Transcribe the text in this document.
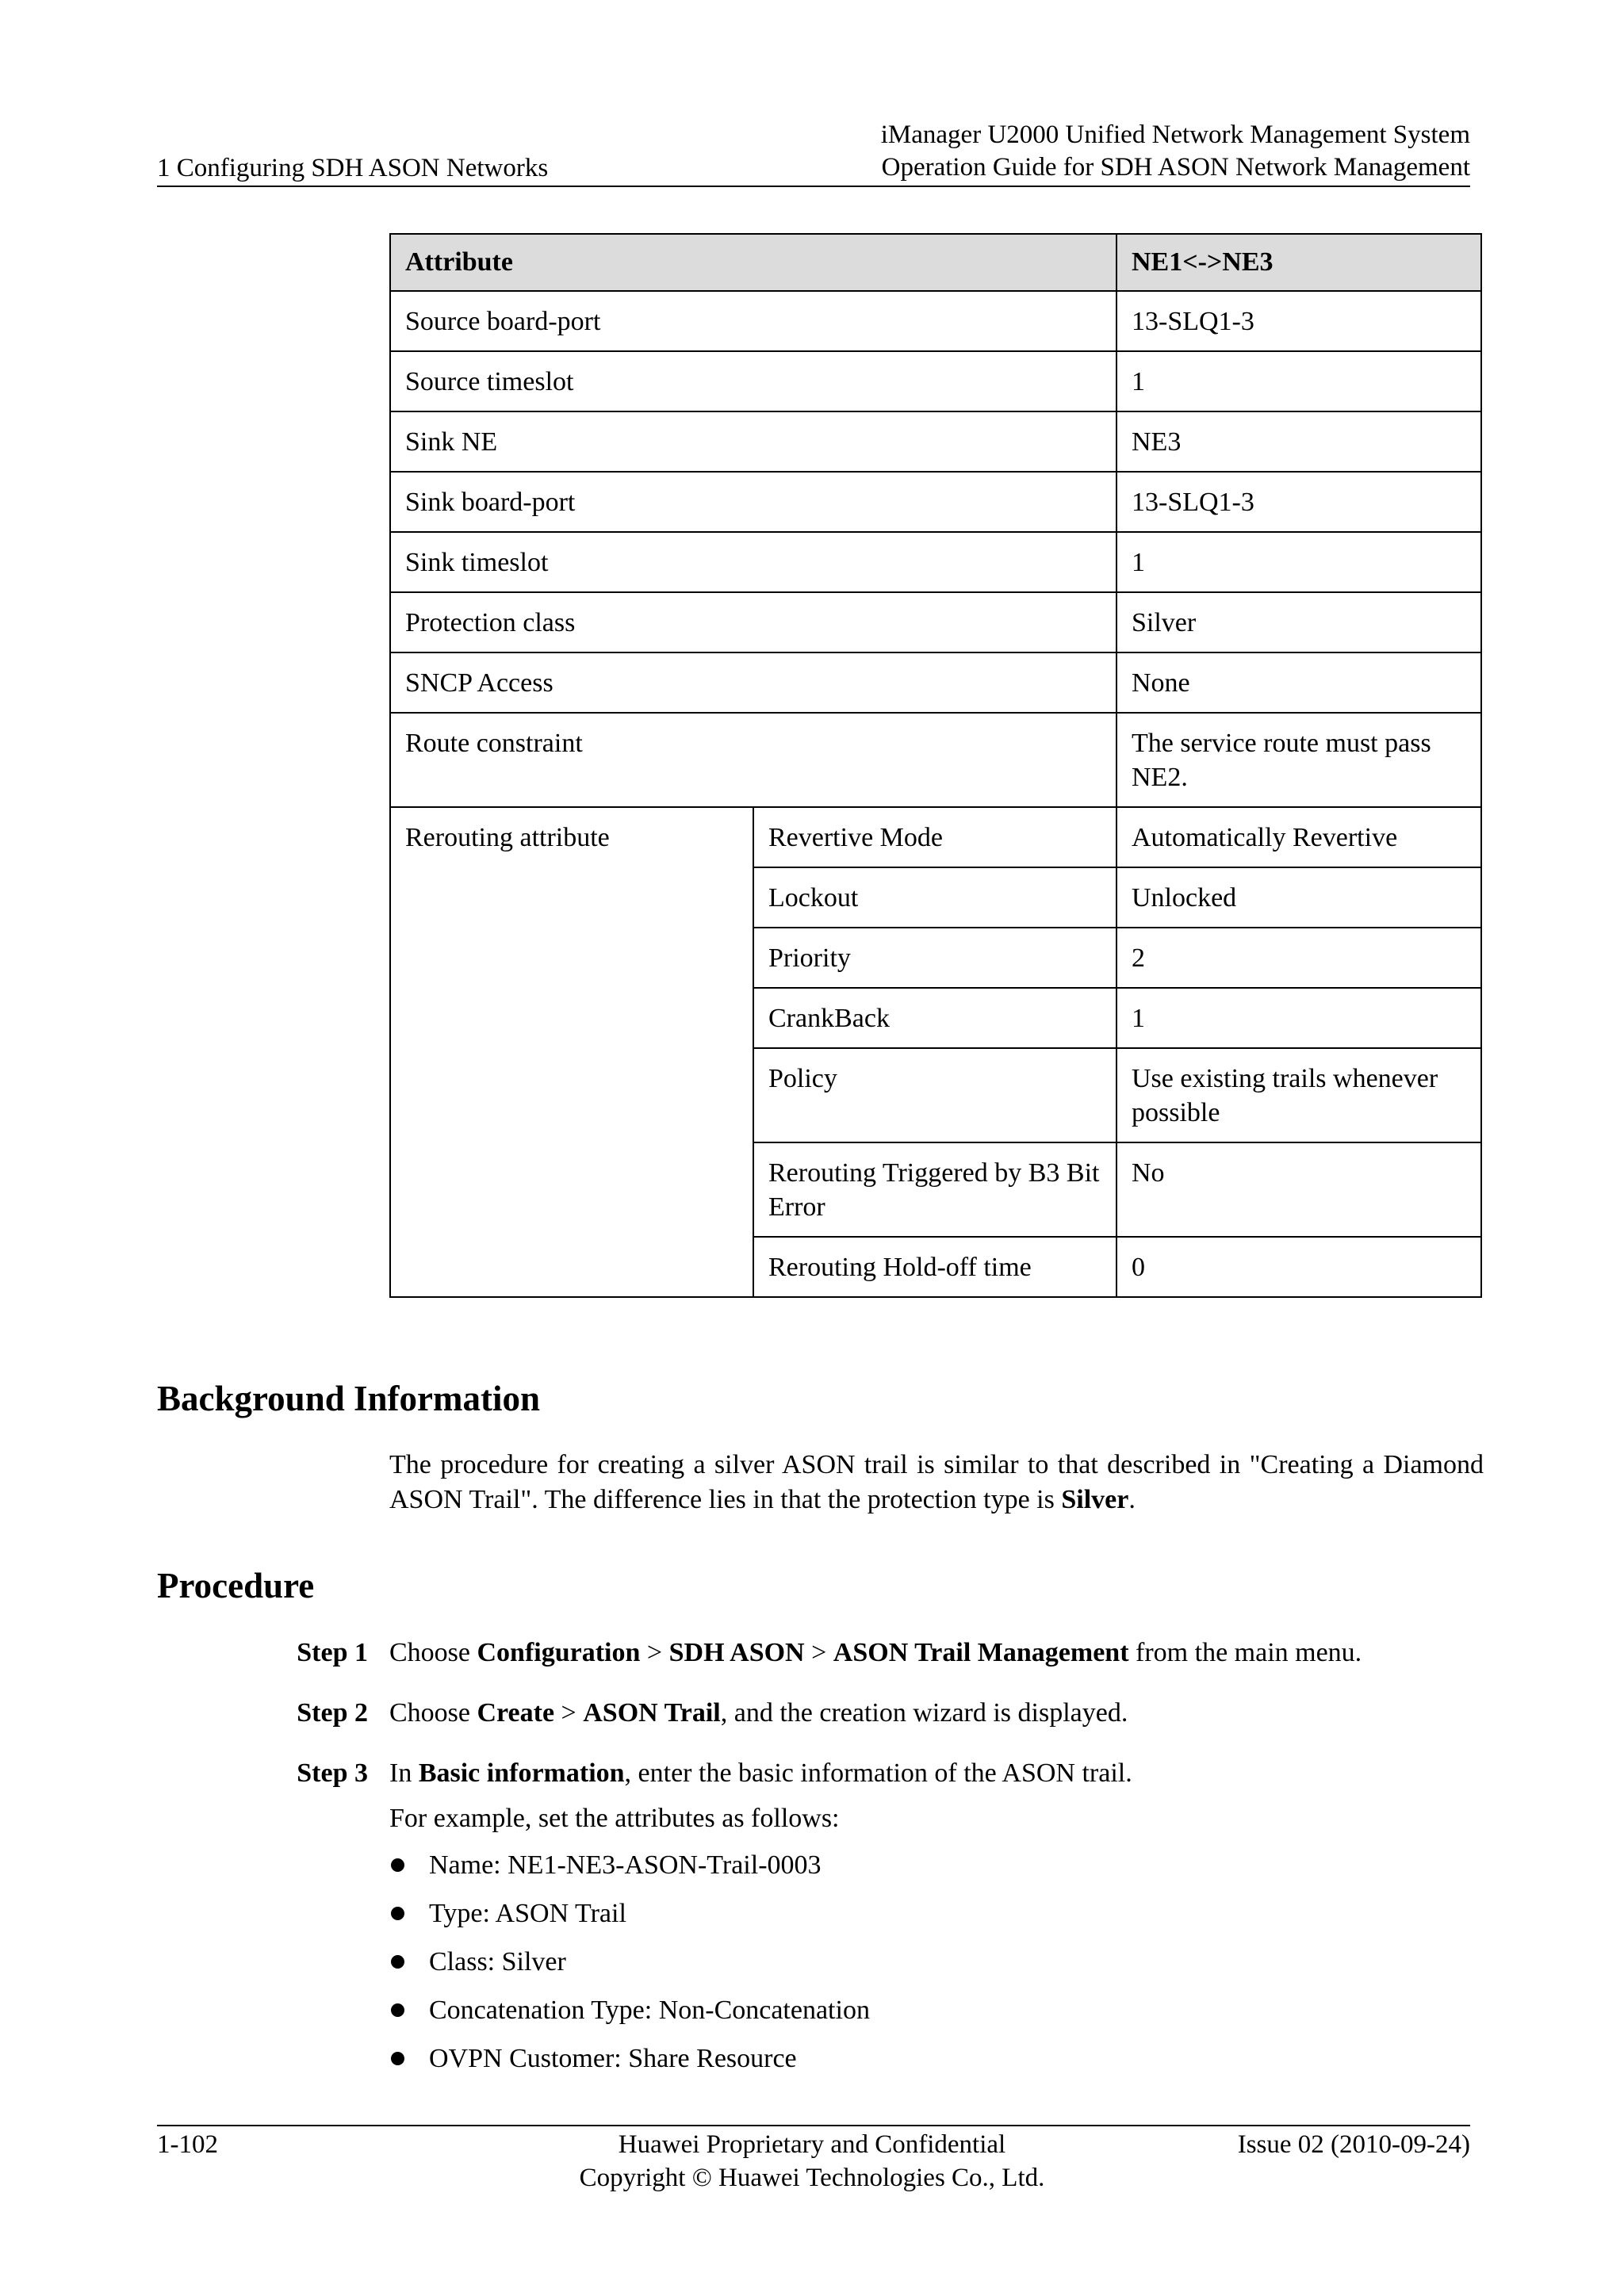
1 Configuring SDH ASON Networks
iManager U2000 Unified Network Management System
Operation Guide for SDH ASON Network Management
Attribute		NE1<->NE3
Source board-port		13-SLQ1-3
Source timeslot		1
Sink NE		NE3
Sink board-port		13-SLQ1-3
Sink timeslot		1
Protection class		Silver
SNCP Access		None
Route constraint		The service route must pass NE2.
Rerouting attribute	Revertive Mode	Automatically Revertive
	Lockout	Unlocked
	Priority	2
	CrankBack	1
	Policy	Use existing trails whenever possible
	Rerouting Triggered by B3 Bit Error	No
	Rerouting Hold-off time	0
Background Information
The procedure for creating a silver ASON trail is similar to that described in "Creating a Diamond ASON Trail". The difference lies in that the protection type is Silver.
Procedure
Step 1 Choose Configuration > SDH ASON > ASON Trail Management from the main menu.
Step 2 Choose Create > ASON Trail, and the creation wizard is displayed.
Step 3 In Basic information, enter the basic information of the ASON trail.
For example, set the attributes as follows:
Name: NE1-NE3-ASON-Trail-0003
Type: ASON Trail
Class: Silver
Concatenation Type: Non-Concatenation
OVPN Customer: Share Resource
1-102	Huawei Proprietary and Confidential
Copyright © Huawei Technologies Co., Ltd.
Issue 02 (2010-09-24)
